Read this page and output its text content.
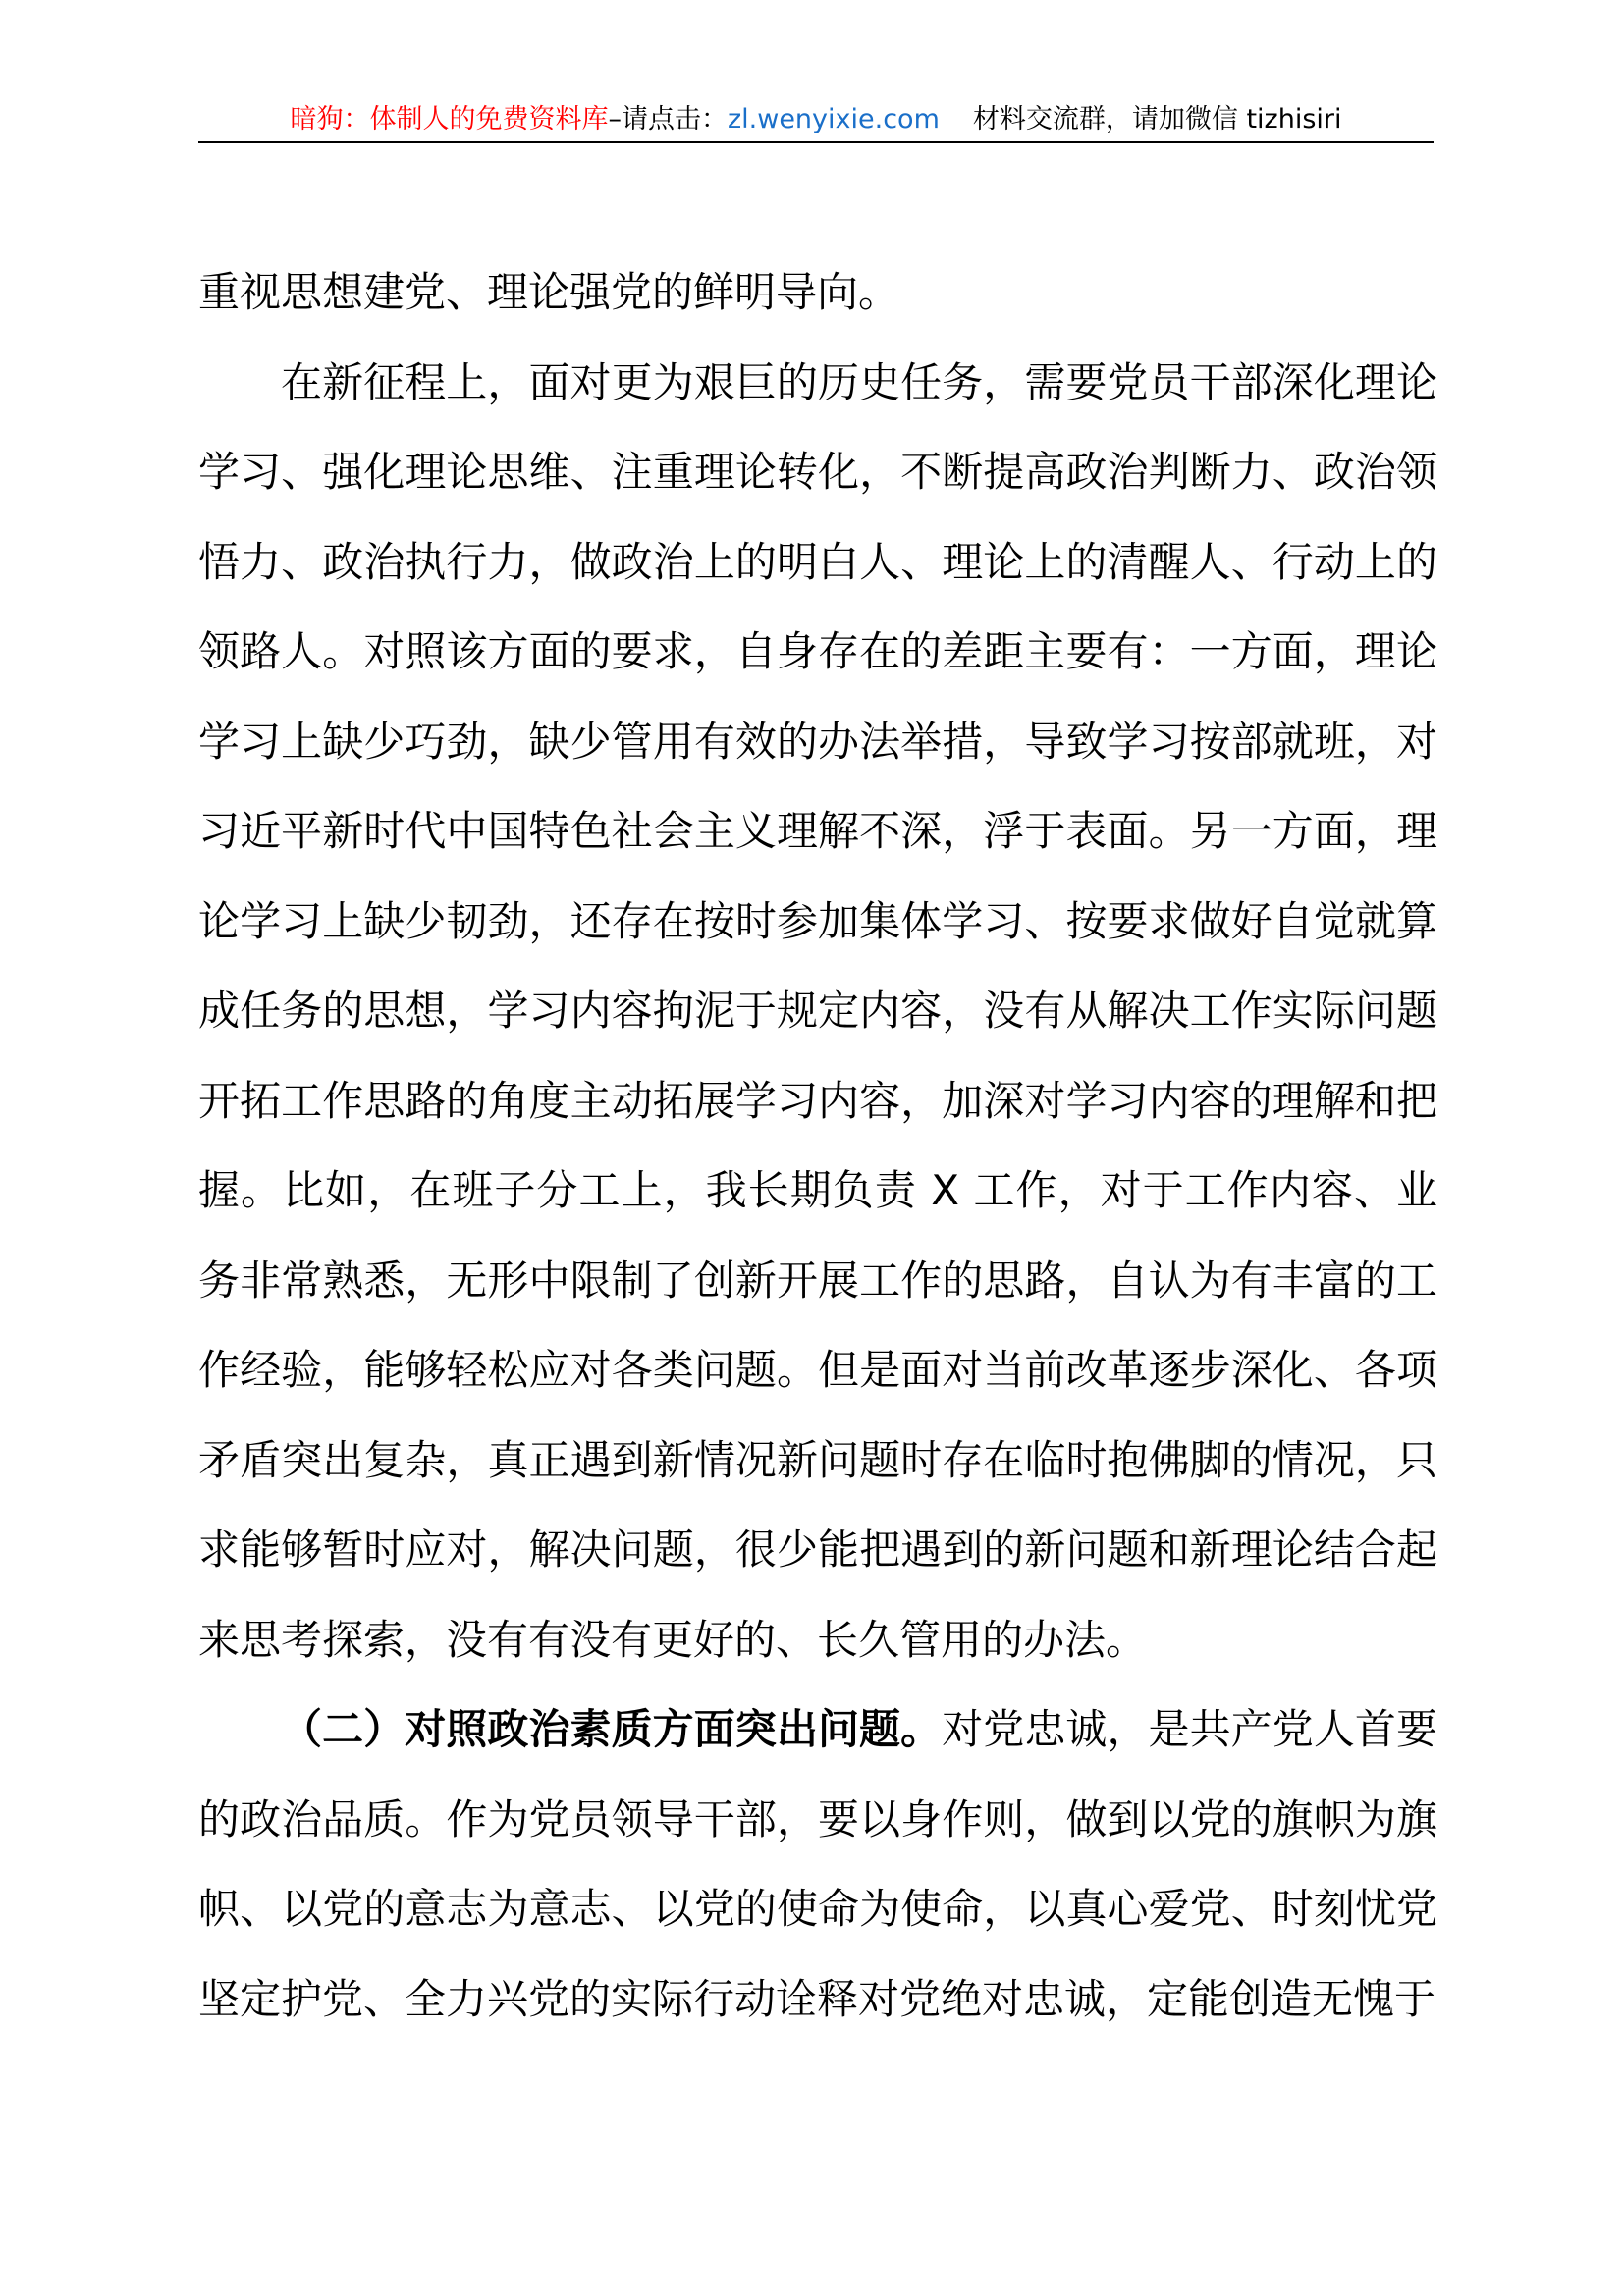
暗狗：体制人的免费资料库–请点击：zl.wenyixie.com 材料交流群，请加微信 tizhisiri

重视思想建党、理论强党的鲜明导向。

在新征程上，面对更为艰巨的历史任务，需要党员干部深化理论学习、强化理论思维、注重理论转化，不断提高政治判断力、政治领悟力、政治执行力，做政治上的明白人、理论上的清醒人、行动上的领路人。对照该方面的要求，自身存在的差距主要有：一方面，理论学习上缺少巧劲，缺少管用有效的办法举措，导致学习按部就班，对习近平新时代中国特色社会主义理解不深，浮于表面。另一方面，理论学习上缺少韧劲，还存在按时参加集体学习、按要求做好自觉就算成任务的思想，学习内容拘泥于规定内容，没有从解决工作实际问题开拓工作思路的角度主动拓展学习内容，加深对学习内容的理解和把握。比如，在班子分工上，我长期负责 X 工作，对于工作内容、业务非常熟悉，无形中限制了创新开展工作的思路，自认为有丰富的工作经验，能够轻松应对各类问题。但是面对当前改革逐步深化、各项矛盾突出复杂，真正遇到新情况新问题时存在临时抱佛脚的情况，只求能够暂时应对，解决问题，很少能把遇到的新问题和新理论结合起来思考探索，没有有没有更好的、长久管用的办法。

（二）对照政治素质方面突出问题。对党忠诚，是共产党人首要的政治品质。作为党员领导干部，要以身作则，做到以党的旗帜为旗帜、以党的意志为意志、以党的使命为使命，以真心爱党、时刻忧党坚定护党、全力兴党的实际行动诠释对党绝对忠诚，定能创造无愧于
